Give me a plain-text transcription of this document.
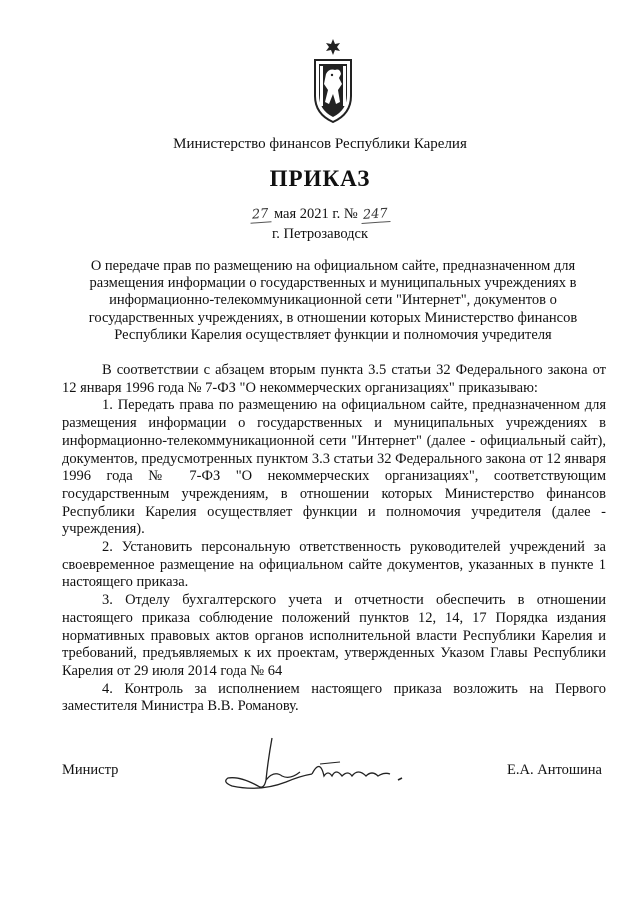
Министерство финансов Республики Карелия
ПРИКАЗ
27 мая 2021 г. № 247
г. Петрозаводск
О передаче прав по размещению на официальном сайте, предназначенном для размещения информации о государственных и муниципальных учреждениях в информационно-телекоммуникационной сети "Интернет", документов о государственных учреждениях, в отношении которых Министерство финансов Республики Карелия осуществляет функции и полномочия учредителя

В соответствии с абзацем вторым пункта 3.5 статьи 32 Федерального закона от 12 января 1996 года № 7-ФЗ "О некоммерческих организациях" приказываю:

1. Передать права по размещению на официальном сайте, предназначенном для размещения информации о государственных и муниципальных учреждениях в информационно-телекоммуникационной сети "Интернет" (далее - официальный сайт), документов, предусмотренных пунктом 3.3 статьи 32 Федерального закона от 12 января 1996 года № 7-ФЗ "О некоммерческих организациях", соответствующим государственным учреждениям, в отношении которых Министерство финансов Республики Карелия осуществляет функции и полномочия учредителя (далее - учреждения).

2. Установить персональную ответственность руководителей учреждений за своевременное размещение на официальном сайте документов, указанных в пункте 1 настоящего приказа.

3. Отделу бухгалтерского учета и отчетности обеспечить в отношении настоящего приказа соблюдение положений пунктов 12, 14, 17 Порядка издания нормативных правовых актов органов исполнительной власти Республики Карелия и требований, предъявляемых к их проектам, утвержденных Указом Главы Республики Карелия от 29 июля 2014 года № 64

4. Контроль за исполнением настоящего приказа возложить на Первого заместителя Министра В.В. Романову.

Министр	Е.А. Антошина
